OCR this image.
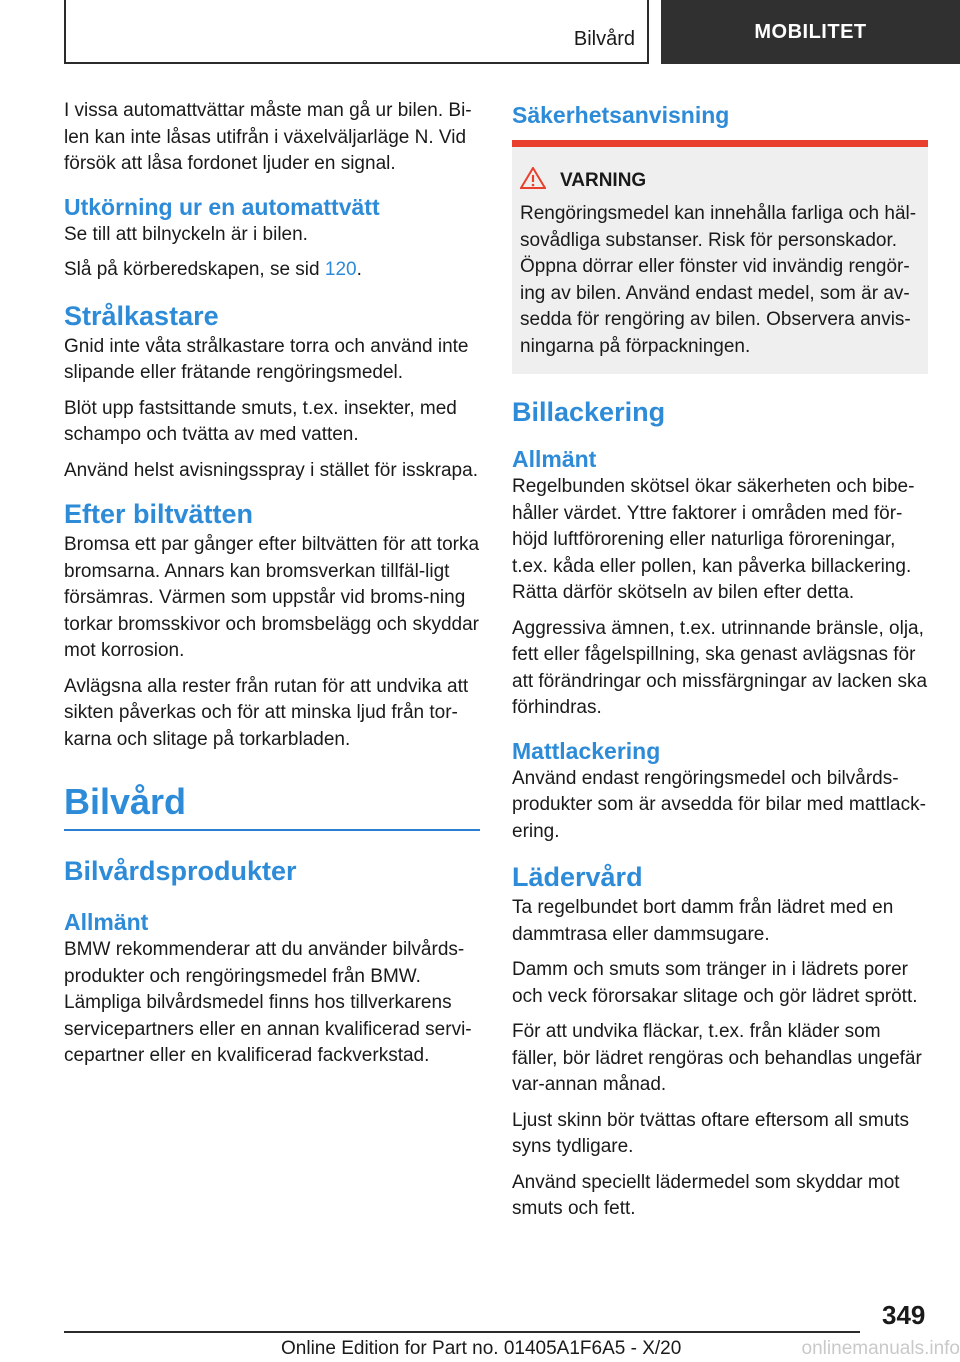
Bilvård	MOBILITET

I vissa automattvättar måste man gå ur bilen. Bi-len kan inte låsas utifrån i växelväljarläge N. Vid försök att låsa fordonet ljuder en signal.

Utkörning ur en automattvätt

Se till att bilnyckeln är i bilen.

Slå på körberedskapen, se sid 120.

Strålkastare

Gnid inte våta strålkastare torra och använd inte slipande eller frätande rengöringsmedel.

Blöt upp fastsittande smuts, t.ex. insekter, med schampo och tvätta av med vatten.

Använd helst avisningsspray i stället för isskrapa.

Efter biltvätten

Bromsa ett par gånger efter biltvätten för att torka bromsarna. Annars kan bromsverkan tillfäl-ligt försämras. Värmen som uppstår vid broms-ning torkar bromsskivor och bromsbelägg och skyddar mot korrosion.

Avlägsna alla rester från rutan för att undvika att sikten påverkas och för att minska ljud från tor-karna och slitage på torkarbladen.

Bilvård
Bilvårdsprodukter
Allmänt

BMW rekommenderar att du använder bilvårds-produkter och rengöringsmedel från BMW. Lämpliga bilvårdsmedel finns hos tillverkarens servicepartners eller en annan kvalificerad servi-cepartner eller en kvalificerad fackverkstad.

Säkerhetsanvisning
VARNING

Rengöringsmedel kan innehålla farliga och häl-sovådliga substanser. Risk för personskador. Öppna dörrar eller fönster vid invändig rengör-ing av bilen. Använd endast medel, som är av-sedda för rengöring av bilen. Observera anvis-ningarna på förpackningen.

Billackering
Allmänt

Regelbunden skötsel ökar säkerheten och bibe-håller värdet. Yttre faktorer i områden med för-höjd luftförorening eller naturliga föroreningar, t.ex. kåda eller pollen, kan påverka billackering. Rätta därför skötseln av bilen efter detta.

Aggressiva ämnen, t.ex. utrinnande bränsle, olja, fett eller fågelspillning, ska genast avlägsnas för att förändringar och missfärgningar av lacken ska förhindras.

Mattlackering

Använd endast rengöringsmedel och bilvårds-produkter som är avsedda för bilar med mattlack-ering.

Lädervård

Ta regelbundet bort damm från lädret med en dammtrasa eller dammsugare.

Damm och smuts som tränger in i lädrets porer och veck förorsakar slitage och gör lädret sprött.

För att undvika fläckar, t.ex. från kläder som fäller, bör lädret rengöras och behandlas ungefär var-annan månad.

Ljust skinn bör tvättas oftare eftersom all smuts syns tydligare.

Använd speciellt lädermedel som skyddar mot smuts och fett.

349
Online Edition for Part no. 01405A1F6A5 - X/20	onlinemanuals.info
